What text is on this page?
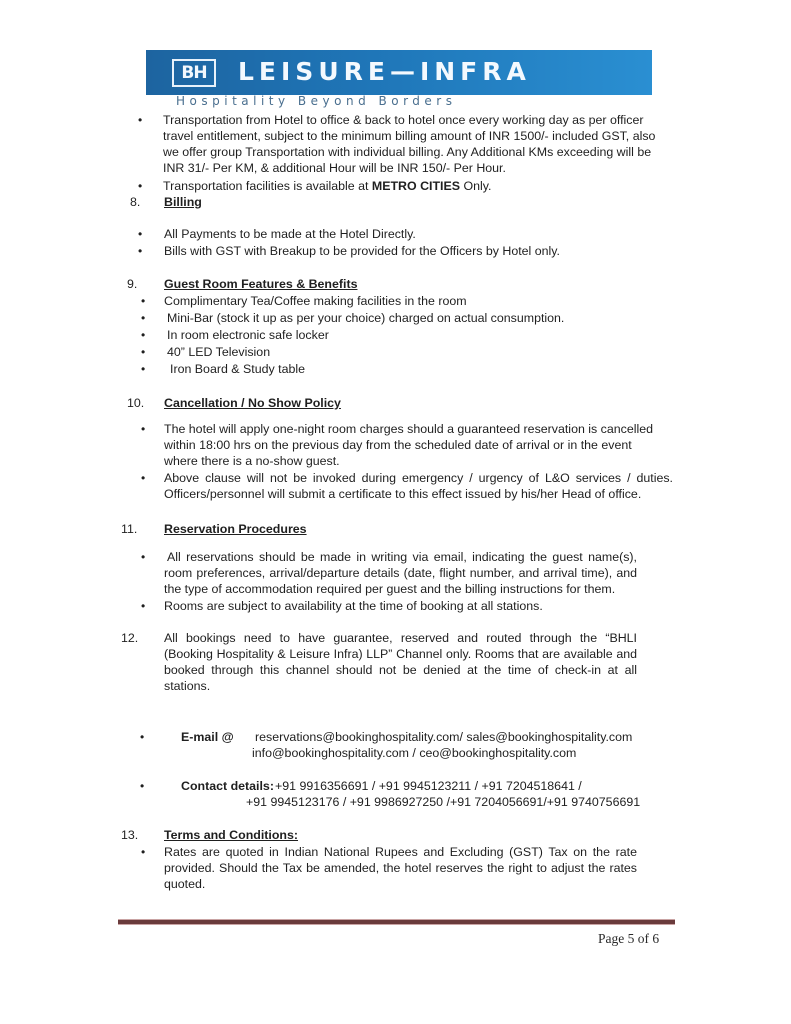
BH LEISURE—INFRA
Hospitality Beyond Borders
• Transportation from Hotel to office & back to hotel once every working day as per officer
travel entitlement, subject to the minimum billing amount of INR 1500/- included GST, also
we offer group Transportation with individual billing. Any Additional KMs exceeding will be
INR 31/- Per KM, & additional Hour will be INR 150/- Per Hour.
• Transportation facilities is available at METRO CITIES Only.
8. Billing
• All Payments to be made at the Hotel Directly.
• Bills with GST with Breakup to be provided for the Officers by Hotel only.
9. Guest Room Features & Benefits
• Complimentary Tea/Coffee making facilities in the room
• Mini-Bar (stock it up as per your choice) charged on actual consumption.
• In room electronic safe locker
• 40” LED Television
• Iron Board & Study table
10. Cancellation / No Show Policy
• The hotel will apply one-night room charges should a guaranteed reservation is cancelled
within 18:00 hrs on the previous day from the scheduled date of arrival or in the event
where there is a no-show guest.
• Above clause will not be invoked during emergency / urgency of L&O services / duties.
Officers/personnel will submit a certificate to this effect issued by his/her Head of office.
11. Reservation Procedures
• All reservations should be made in writing via email, indicating the guest name(s),
room preferences, arrival/departure details (date, flight number, and arrival time), and
the type of accommodation required per guest and the billing instructions for them.
• Rooms are subject to availability at the time of booking at all stations.
12. All bookings need to have guarantee, reserved and routed through the “BHLI
(Booking Hospitality & Leisure Infra) LLP” Channel only. Rooms that are available and
booked through this channel should not be denied at the time of check-in at all
stations.
•	E-mail @ reservations@bookinghospitality.com/ sales@bookinghospitality.com
info@bookinghospitality.com / ceo@bookinghospitality.com
•	Contact details: +91 9916356691 / +91 9945123211 / +91 7204518641 /
+91 9945123176 / +91 9986927250 /+91 7204056691/+91 9740756691
13. Terms and Conditions:
• Rates are quoted in Indian National Rupees and Excluding (GST) Tax on the rate
provided. Should the Tax be amended, the hotel reserves the right to adjust the rates
quoted.
Page 5 of 6
